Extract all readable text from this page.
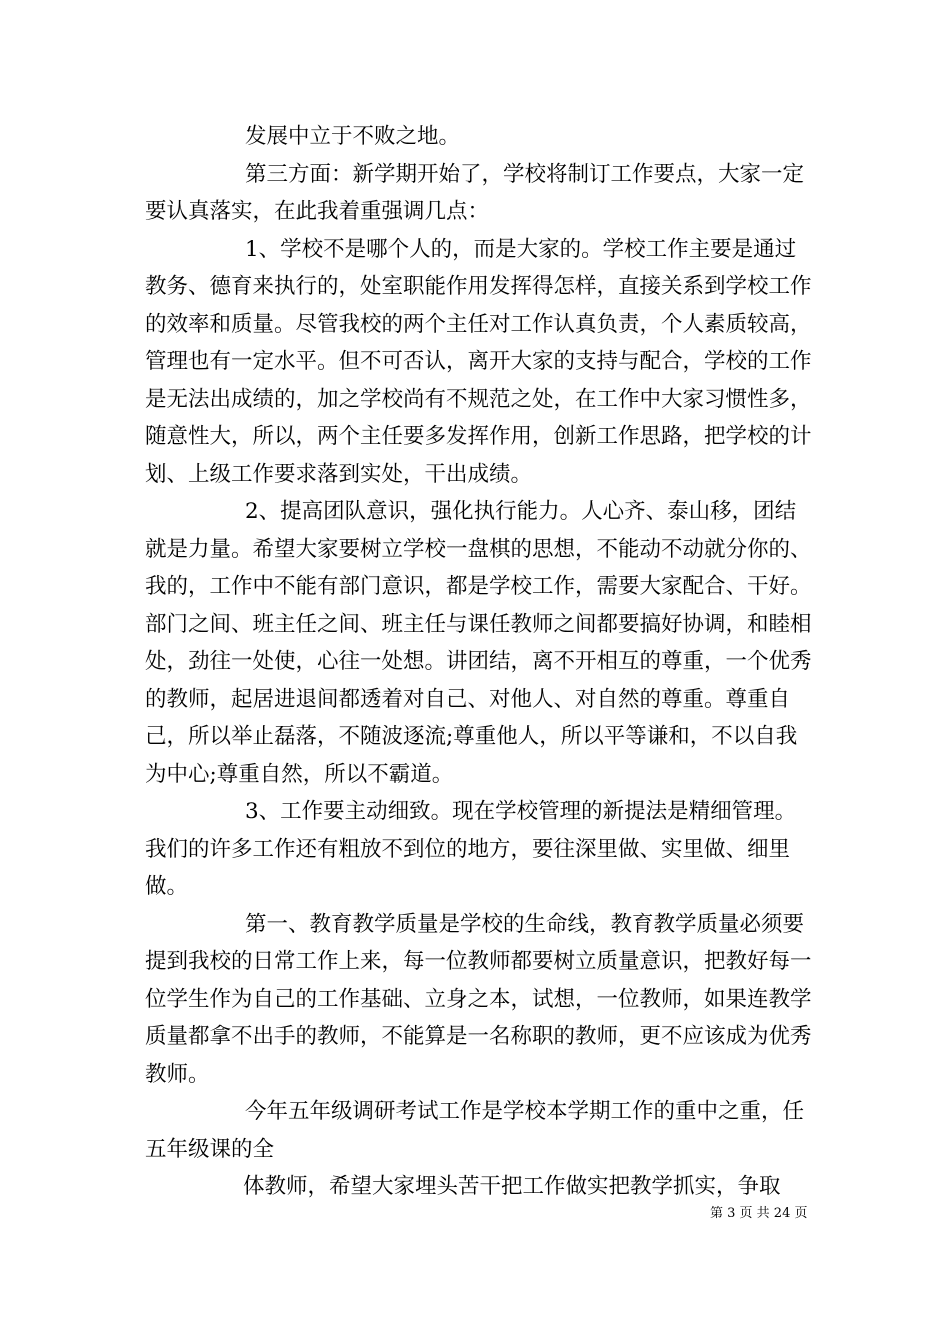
发展中立于不败之地。

第三方面：新学期开始了，学校将制订工作要点，大家一定要认真落实，在此我着重强调几点：

1、学校不是哪个人的，而是大家的。学校工作主要是通过教务、德育来执行的，处室职能作用发挥得怎样，直接关系到学校工作的效率和质量。尽管我校的两个主任对工作认真负责，个人素质较高，管理也有一定水平。但不可否认，离开大家的支持与配合，学校的工作是无法出成绩的，加之学校尚有不规范之处，在工作中大家习惯性多，随意性大，所以，两个主任要多发挥作用，创新工作思路，把学校的计划、上级工作要求落到实处，干出成绩。

2、提高团队意识，强化执行能力。人心齐、泰山移，团结就是力量。希望大家要树立学校一盘棋的思想，不能动不动就分你的、我的，工作中不能有部门意识，都是学校工作，需要大家配合、干好。部门之间、班主任之间、班主任与课任教师之间都要搞好协调，和睦相处，劲往一处使，心往一处想。讲团结，离不开相互的尊重，一个优秀的教师，起居进退间都透着对自己、对他人、对自然的尊重。尊重自己，所以举止磊落，不随波逐流;尊重他人，所以平等谦和，不以自我为中心;尊重自然，所以不霸道。

3、工作要主动细致。现在学校管理的新提法是精细管理。我们的许多工作还有粗放不到位的地方，要往深里做、实里做、细里做。

第一、教育教学质量是学校的生命线，教育教学质量必须要提到我校的日常工作上来，每一位教师都要树立质量意识，把教好每一位学生作为自己的工作基础、立身之本，试想，一位教师，如果连教学质量都拿不出手的教师，不能算是一名称职的教师，更不应该成为优秀教师。

今年五年级调研考试工作是学校本学期工作的重中之重，任五年级课的全

体教师，希望大家埋头苦干把工作做实把教学抓实，争取

第 3 页 共 24 页
